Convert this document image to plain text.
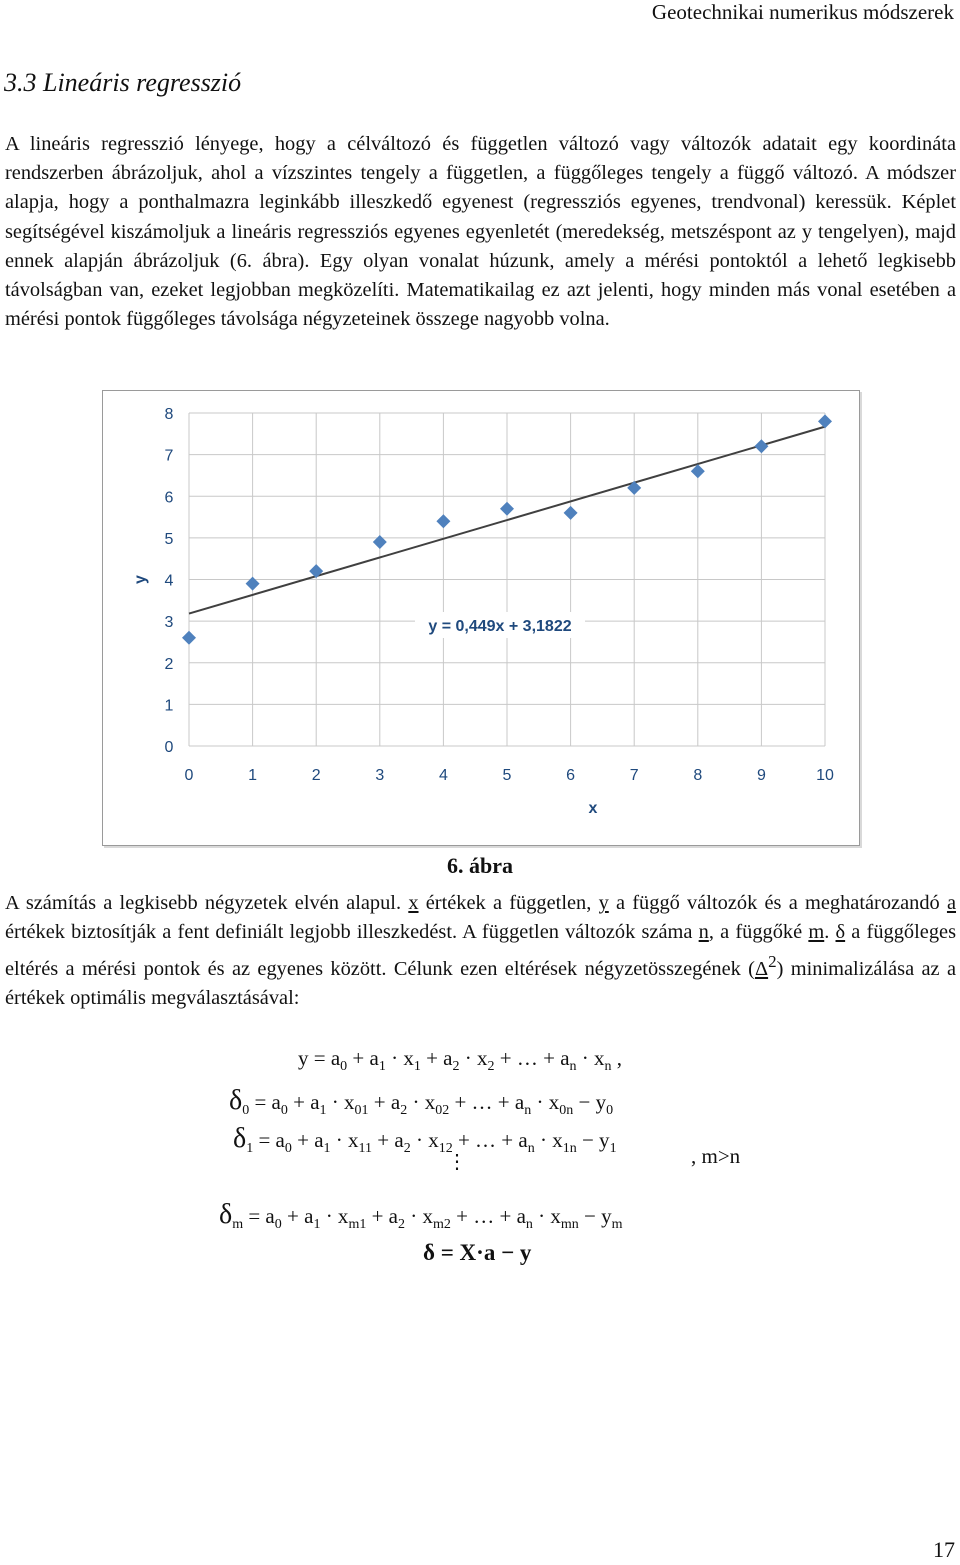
Geotechnikai numerikus módszerek
3.3 Lineáris regresszió
A lineáris regresszió lényege, hogy a célváltozó és független változó vagy változók adatait egy koordináta rendszerben ábrázoljuk, ahol a vízszintes tengely a független, a függőleges tengely a függő változó. A módszer alapja, hogy a ponthalmazra leginkább illeszkedő egyenest (regressziós egyenes, trendvonal) keressük. Képlet segítségével kiszámoljuk a lineáris regressziós egyenes egyenletét (meredekség, metszéspont az y tengelyen), majd ennek alapján ábrázoljuk (6. ábra). Egy olyan vonalat húzunk, amely a mérési pontoktól a lehető legkisebb távolságban van, ezeket legjobban megközelíti. Matematikailag ez azt jelenti, hogy minden más vonal esetében a mérési pontok függőleges távolsága négyzeteinek összege nagyobb volna.
0
1
2
3
4
5
6
7
8
0	1	2	3	4	5	6	7	8	9	10
x
y
y = 0,449x + 3,1822
6. ábra
A számítás a legkisebb négyzetek elvén alapul. x értékek a független, y a függő változók és a meghatározandó a értékek biztosítják a fent definiált legjobb illeszkedést. A független változók száma n, a függőké m. δ a függőleges eltérés a mérési pontok és az egyenes között. Célunk ezen eltérések négyzetösszegének $(\Delta^2)$ minimalizálása az a értékek optimális megválasztásával:
$y = a_0 + a_1 \cdot x_1 + a_2 \cdot x_2$ + … + $a_n \cdot x_n$ ,
$\delta_0 = a_0 + a_1 \cdot x_{01} + a_2 \cdot x_{02}$ + … + $a_n \cdot x_{0n} - y_0$
$\delta_1 = a_0 + a_1 \cdot x_{11} + a_2 \cdot x_{12}$ + … + $a_n \cdot x_{1n} - y_1$
⋮	, m>n
$\delta_m = a_0 + a_1 \cdot x_{m1} + a_2 \cdot x_{m2}$ + … + $a_n \cdot x_{mn} - y_m$
δ = X·a − y
17
